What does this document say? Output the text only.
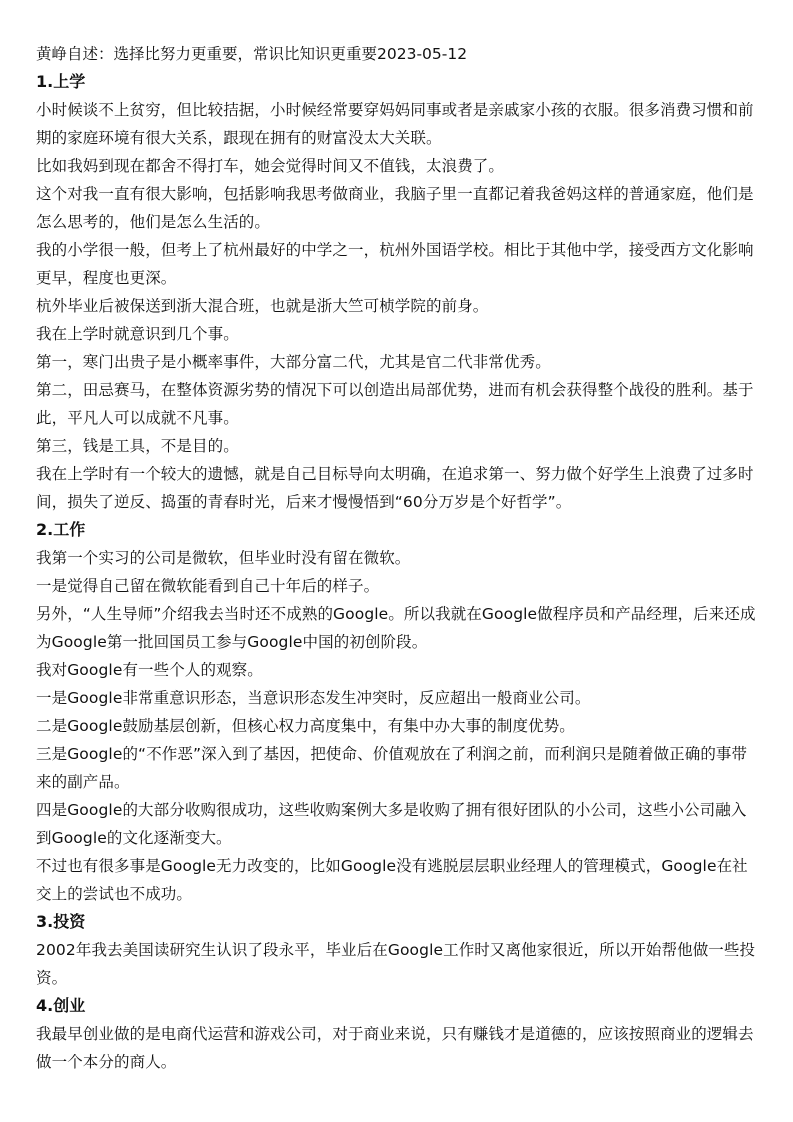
黄峥自述：选择比努力更重要，常识比知识更重要2023-05-12

1.上学

小时候谈不上贫穷，但比较拮据，小时候经常要穿妈妈同事或者是亲戚家小孩的衣服。很多消费习惯和前期的家庭环境有很大关系，跟现在拥有的财富没太大关联。

比如我妈到现在都舍不得打车，她会觉得时间又不值钱，太浪费了。

这个对我一直有很大影响，包括影响我思考做商业，我脑子里一直都记着我爸妈这样的普通家庭，他们是怎么思考的，他们是怎么生活的。

我的小学很一般，但考上了杭州最好的中学之一，杭州外国语学校。相比于其他中学，接受西方文化影响更早，程度也更深。

杭外毕业后被保送到浙大混合班，也就是浙大竺可桢学院的前身。

我在上学时就意识到几个事。

第一，寒门出贵子是小概率事件，大部分富二代，尤其是官二代非常优秀。

第二，田忌赛马，在整体资源劣势的情况下可以创造出局部优势，进而有机会获得整个战役的胜利。基于此，平凡人可以成就不凡事。

第三，钱是工具，不是目的。

我在上学时有一个较大的遗憾，就是自己目标导向太明确，在追求第一、努力做个好学生上浪费了过多时间，损失了逆反、捣蛋的青春时光，后来才慢慢悟到“60分万岁是个好哲学”。

2.工作

我第一个实习的公司是微软，但毕业时没有留在微软。

一是觉得自己留在微软能看到自己十年后的样子。

另外，“人生导师”介绍我去当时还不成熟的Google。所以我就在Google做程序员和产品经理，后来还成为Google第一批回国员工参与Google中国的初创阶段。

我对Google有一些个人的观察。

一是Google非常重意识形态，当意识形态发生冲突时，反应超出一般商业公司。

二是Google鼓励基层创新，但核心权力高度集中，有集中办大事的制度优势。

三是Google的“不作恶”深入到了基因，把使命、价值观放在了利润之前，而利润只是随着做正确的事带来的副产品。

四是Google的大部分收购很成功，这些收购案例大多是收购了拥有很好团队的小公司，这些小公司融入到Google的文化逐渐变大。

不过也有很多事是Google无力改变的，比如Google没有逃脱层层职业经理人的管理模式，Google在社交上的尝试也不成功。

3.投资

2002年我去美国读研究生认识了段永平，毕业后在Google工作时又离他家很近，所以开始帮他做一些投资。

4.创业

我最早创业做的是电商代运营和游戏公司，对于商业来说，只有赚钱才是道德的，应该按照商业的逻辑去做一个本分的商人。
